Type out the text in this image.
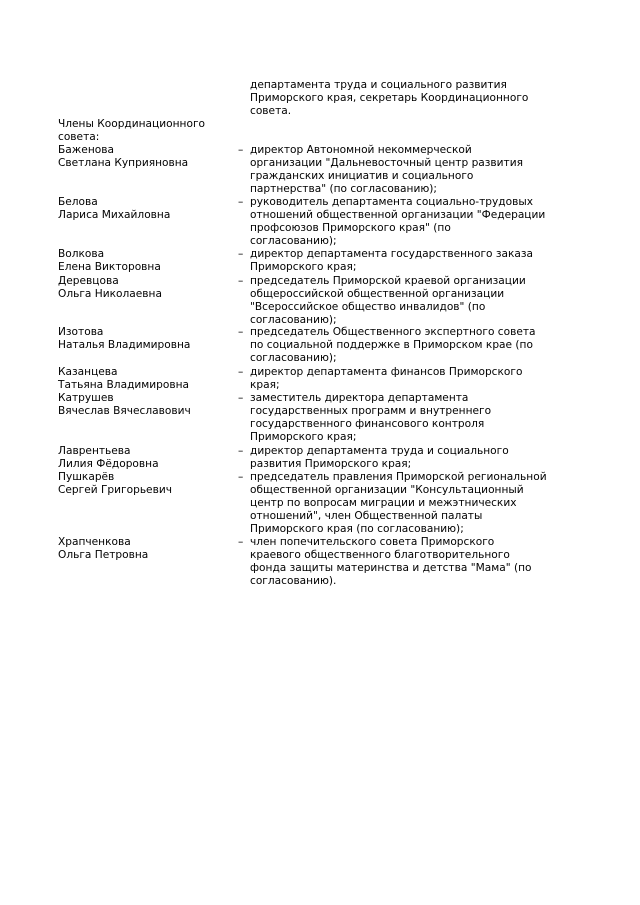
департамента труда и социального развития
Приморского края, секретарь Координационного
совета.
Члены Координационного
совета:
Баженова
Светлана Куприяновна
– директор Автономной некоммерческой
организации "Дальневосточный центр развития
гражданских инициатив и социального
партнерства" (по согласованию);
Белова
Лариса Михайловна
– руководитель департамента социально-трудовых
отношений общественной организации "Федерации
профсоюзов Приморского края" (по
согласованию);
Волкова
Елена Викторовна
– директор департамента государственного заказа
Приморского края;
Деревцова
Ольга Николаевна
– председатель Приморской краевой организации
общероссийской общественной организации
"Всероссийское общество инвалидов" (по
согласованию);
Изотова
Наталья Владимировна
– председатель Общественного экспертного совета
по социальной поддержке в Приморском крае (по
согласованию);
Казанцева
Татьяна Владимировна
– директор департамента финансов Приморского
края;
Катрушев
Вячеслав Вячеславович
– заместитель директора департамента
государственных программ и внутреннего
государственного финансового контроля
Приморского края;
Лаврентьева
Лилия Фёдоровна
– директор департамента труда и социального
развития Приморского края;
Пушкарёв
Сергей Григорьевич
– председатель правления Приморской региональной
общественной организации "Консультационный
центр по вопросам миграции и межэтнических
отношений", член Общественной палаты
Приморского края (по согласованию);
Храпченкова
Ольга Петровна
– член попечительского совета Приморского
краевого общественного благотворительного
фонда защиты материнства и детства "Мама" (по
согласованию).
